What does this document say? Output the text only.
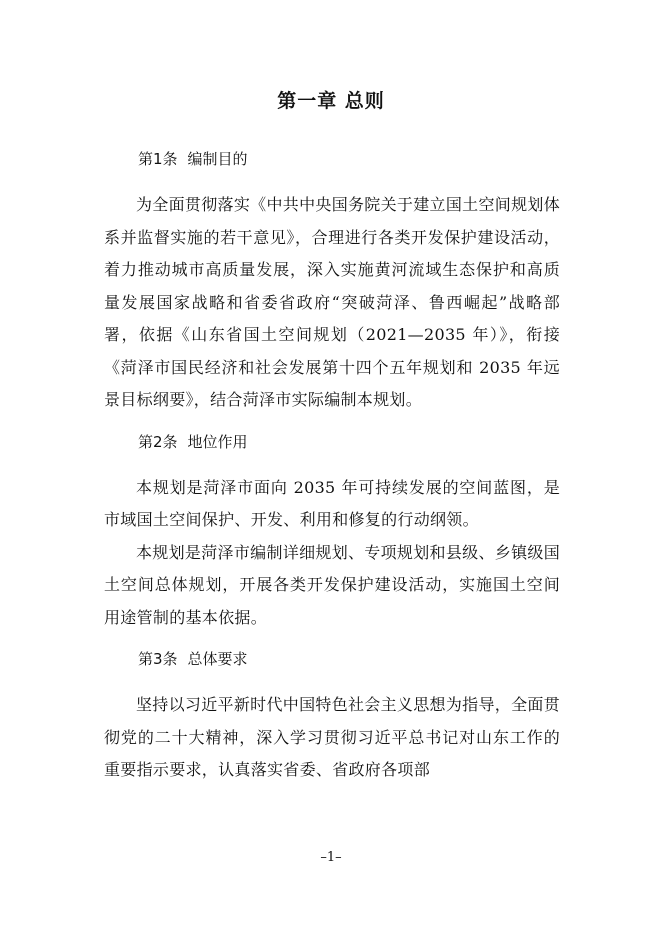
第一章 总则
第1条 编制目的

为全面贯彻落实《中共中央国务院关于建立国土空间规划体系并监督实施的若干意见》，合理进行各类开发保护建设活动，着力推动城市高质量发展，深入实施黄河流域生态保护和高质量发展国家战略和省委省政府“突破菏泽、鲁西崛起”战略部署，依据《山东省国土空间规划（2021—2035 年）》，衔接《菏泽市国民经济和社会发展第十四个五年规划和 2035 年远景目标纲要》，结合菏泽市实际编制本规划。

第2条 地位作用

本规划是菏泽市面向 2035 年可持续发展的空间蓝图，是市域国土空间保护、开发、利用和修复的行动纲领。

本规划是菏泽市编制详细规划、专项规划和县级、乡镇级国土空间总体规划，开展各类开发保护建设活动，实施国土空间用途管制的基本依据。

第3条 总体要求

坚持以习近平新时代中国特色社会主义思想为指导，全面贯彻党的二十大精神，深入学习贯彻习近平总书记对山东工作的重要指示要求，认真落实省委、省政府各项部

–1–
